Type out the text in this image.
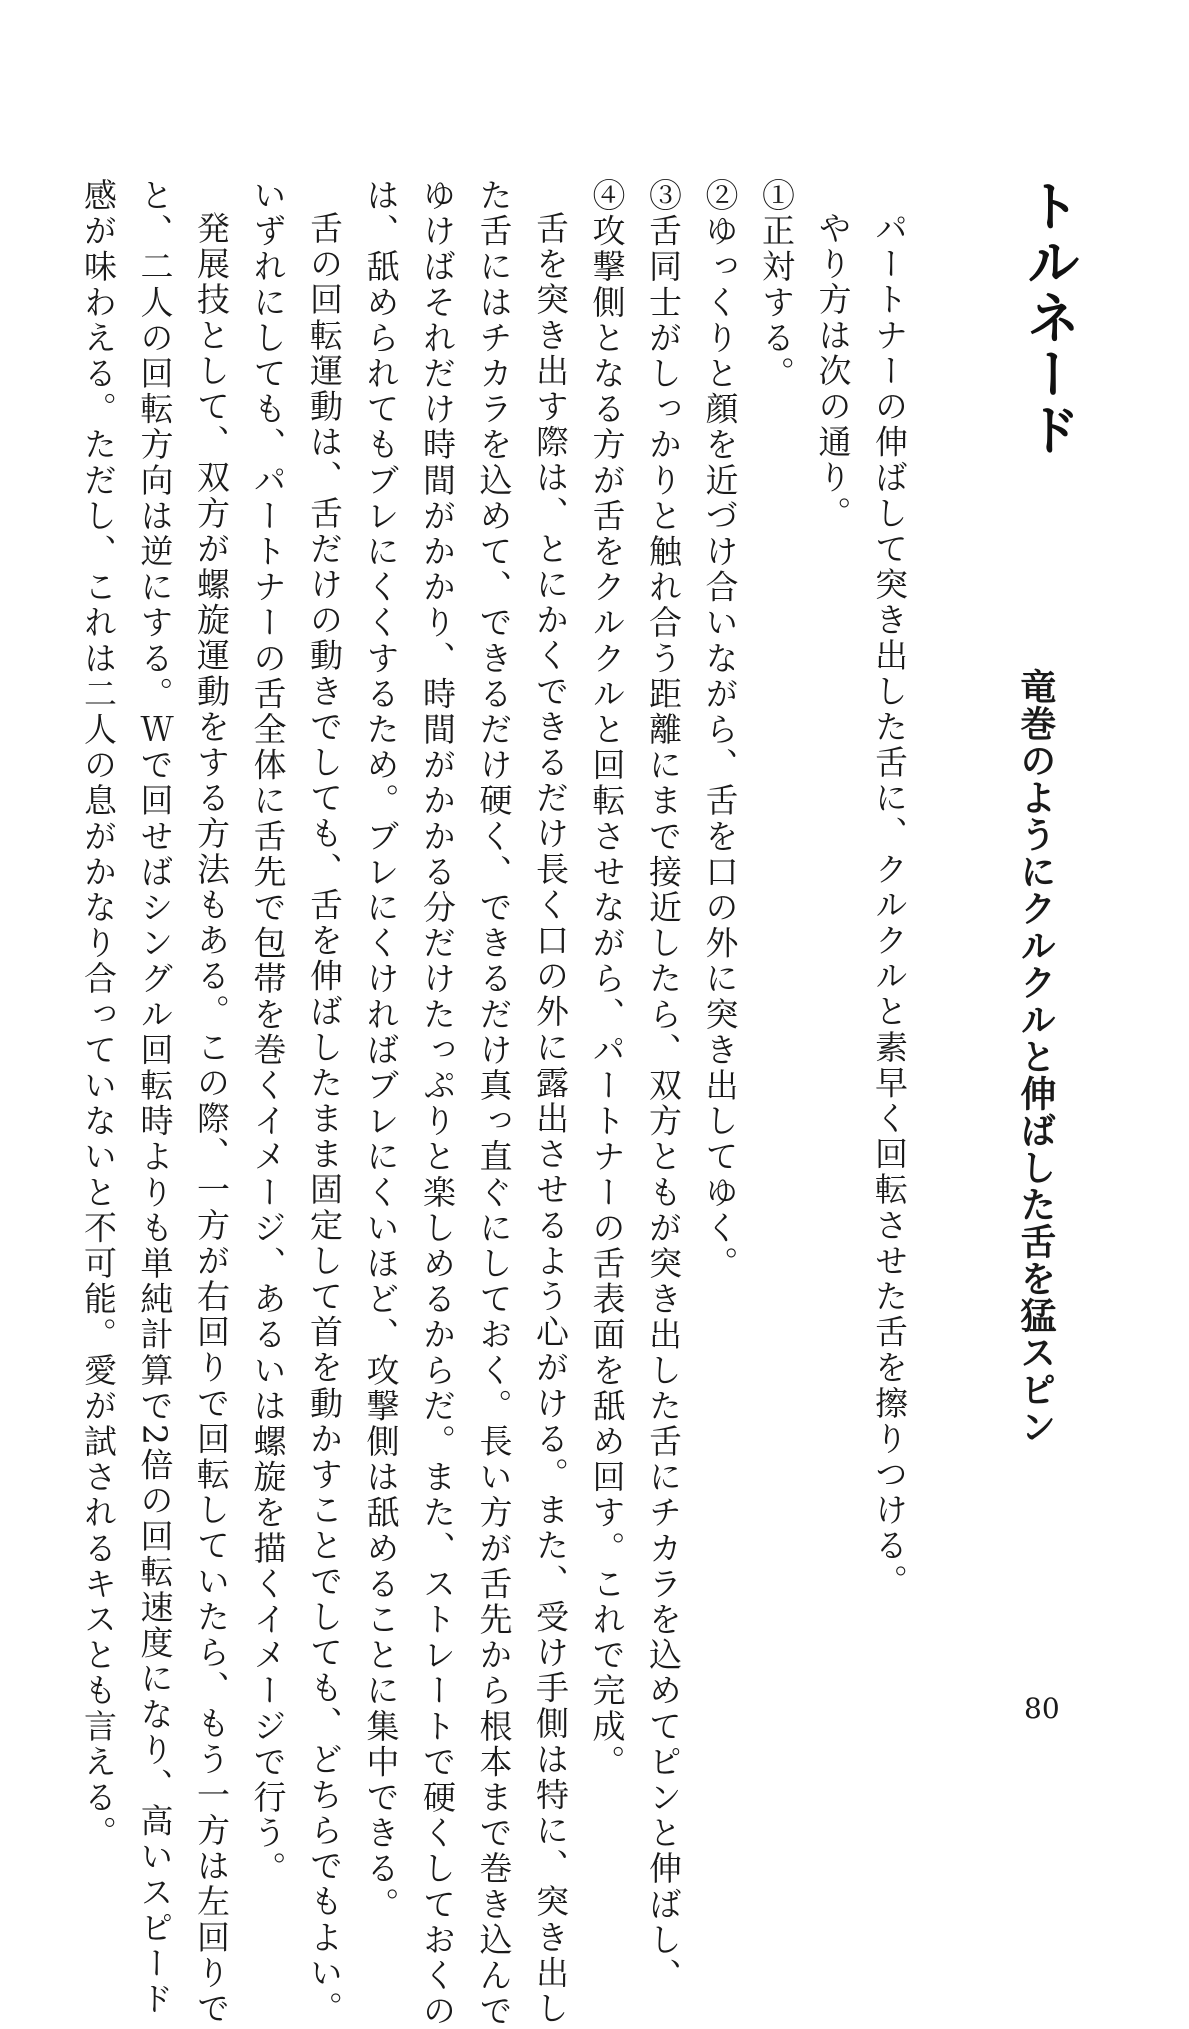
トルネード
竜巻のようにクルクルと伸ばした舌を猛スピン

パートナーの伸ばして突き出した舌に、クルクルと素早く回転させた舌を擦りつける。

やり方は次の通り。

①正対する。

②ゆっくりと顔を近づけ合いながら、舌を口の外に突き出してゆく。

③舌同士がしっかりと触れ合う距離にまで接近したら、双方ともが突き出した舌にチカラを込めてピンと伸ばし、

④攻撃側となる方が舌をクルクルと回転させながら、パートナーの舌表面を舐め回す。これで完成。

舌を突き出す際は、とにかくできるだけ長く口の外に露出させるよう心がける。また、受け手側は特に、突き出し

た舌にはチカラを込めて、できるだけ硬く、できるだけ真っ直ぐにしておく。長い方が舌先から根本まで巻き込んで

ゆけばそれだけ時間がかかり、時間がかかる分だけたっぷりと楽しめるからだ。また、ストレートで硬くしておくの

は、舐められてもブレにくくするため。ブレにくければブレにくいほど、攻撃側は舐めることに集中できる。

舌の回転運動は、舌だけの動きでしても、舌を伸ばしたまま固定して首を動かすことでしても、どちらでもよい。

いずれにしても、パートナーの舌全体に舌先で包帯を巻くイメージ、あるいは螺旋を描くイメージで行う。

発展技として、双方が螺旋運動をする方法もある。この際、一方が右回りで回転していたら、もう一方は左回りで

と、二人の回転方向は逆にする。Ｗで回せばシングル回転時よりも単純計算で2倍の回転速度になり、高いスピード

感が味わえる。ただし、これは二人の息がかなり合っていないと不可能。愛が試されるキスとも言える。	80
